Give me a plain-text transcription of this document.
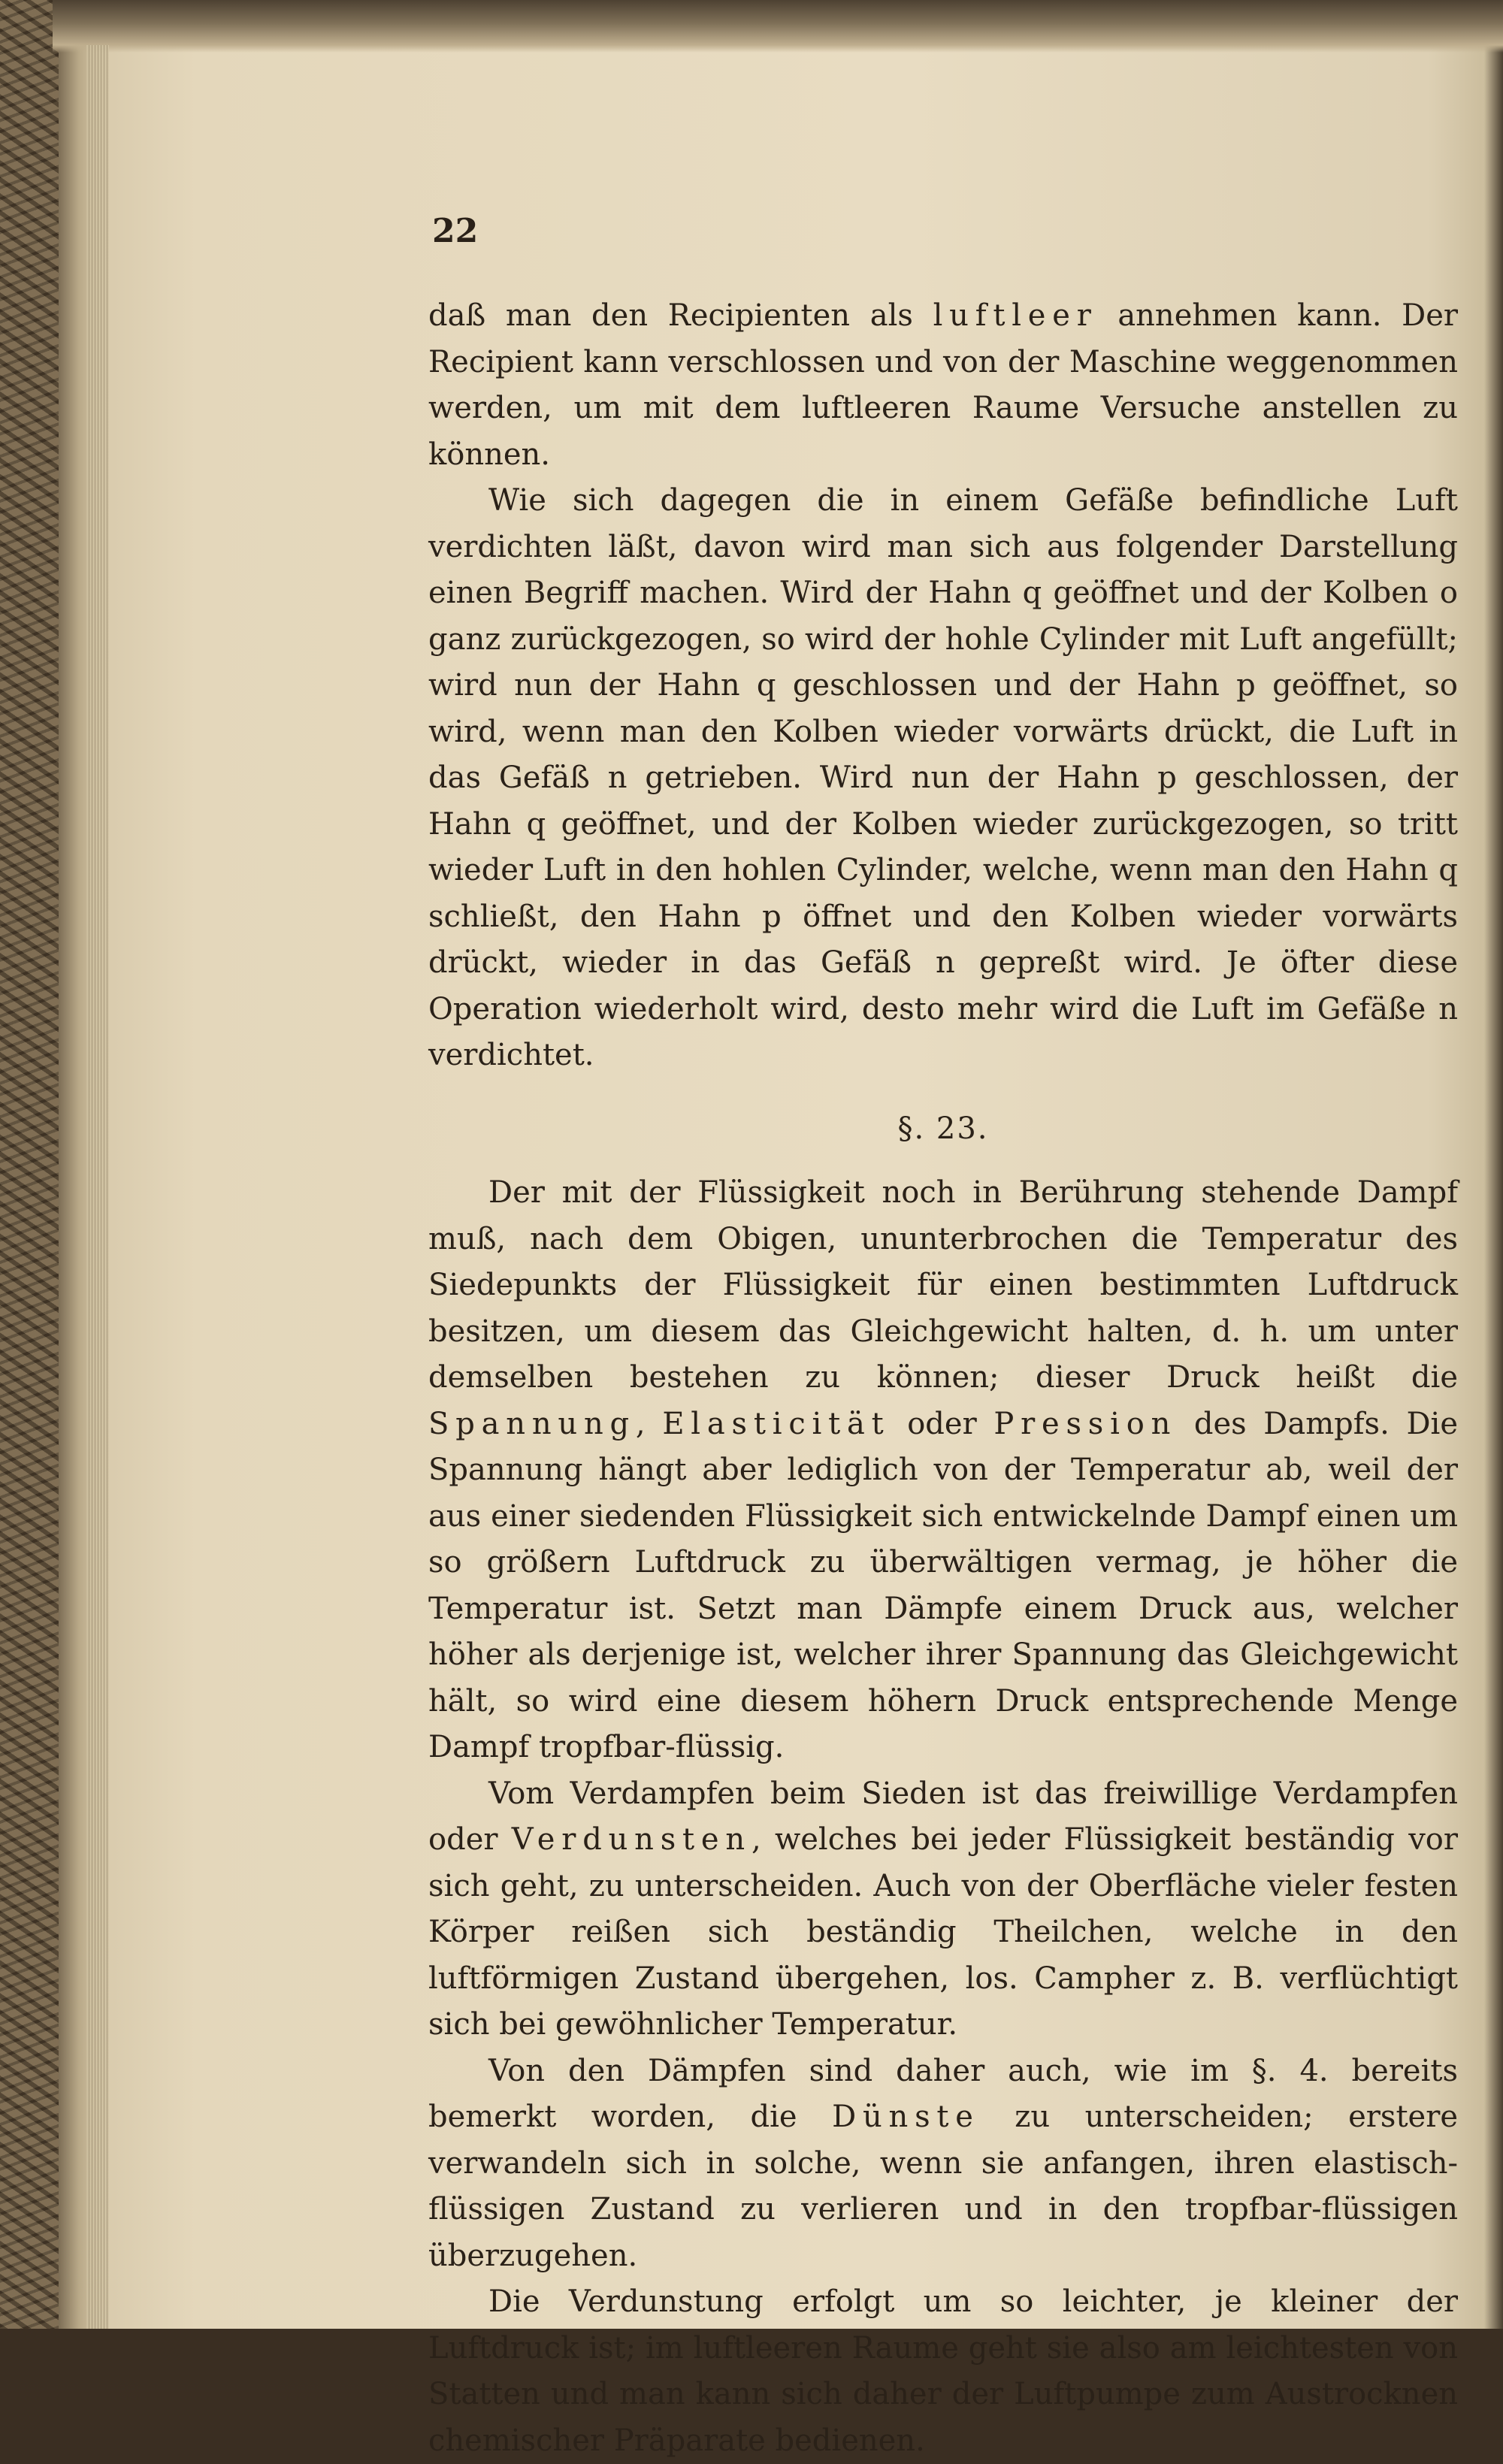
22

daß man den Recipienten als luftleer annehmen kann. Der Recipient kann verschlossen und von der Maschine weggenommen werden, um mit dem luftleeren Raume Versuche anstellen zu können.

Wie sich dagegen die in einem Gefäße befindliche Luft verdichten läßt, davon wird man sich aus folgender Darstellung einen Begriff machen. Wird der Hahn q geöffnet und der Kolben o ganz zurückgezogen, so wird der hohle Cylinder mit Luft angefüllt; wird nun der Hahn q geschlossen und der Hahn p geöffnet, so wird, wenn man den Kolben wieder vorwärts drückt, die Luft in das Gefäß n getrieben. Wird nun der Hahn p geschlossen, der Hahn q geöffnet, und der Kolben wieder zurückgezogen, so tritt wieder Luft in den hohlen Cylinder, welche, wenn man den Hahn q schließt, den Hahn p öffnet und den Kolben wieder vorwärts drückt, wieder in das Gefäß n gepreßt wird. Je öfter diese Operation wiederholt wird, desto mehr wird die Luft im Gefäße n verdichtet.

§. 23.

Der mit der Flüssigkeit noch in Berührung stehende Dampf muß, nach dem Obigen, ununterbrochen die Temperatur des Siedepunkts der Flüssigkeit für einen bestimmten Luftdruck besitzen, um diesem das Gleichgewicht halten, d. h. um unter demselben bestehen zu können; dieser Druck heißt die Spannung, Elasticität oder Pression des Dampfs. Die Spannung hängt aber lediglich von der Temperatur ab, weil der aus einer siedenden Flüssigkeit sich entwickelnde Dampf einen um so größern Luftdruck zu überwältigen vermag, je höher die Temperatur ist. Setzt man Dämpfe einem Druck aus, welcher höher als derjenige ist, welcher ihrer Spannung das Gleichgewicht hält, so wird eine diesem höhern Druck entsprechende Menge Dampf tropfbar-flüssig.

Vom Verdampfen beim Sieden ist das freiwillige Verdampfen oder Verdunsten, welches bei jeder Flüssigkeit beständig vor sich geht, zu unterscheiden. Auch von der Oberfläche vieler festen Körper reißen sich beständig Theilchen, welche in den luftförmigen Zustand übergehen, los. Campher z. B. verflüchtigt sich bei gewöhnlicher Temperatur.

Von den Dämpfen sind daher auch, wie im §. 4. bereits bemerkt worden, die Dünste zu unterscheiden; erstere verwandeln sich in solche, wenn sie anfangen, ihren elastisch-flüssigen Zustand zu verlieren und in den tropfbar-flüssigen überzugehen.

Die Verdunstung erfolgt um so leichter, je kleiner der Luftdruck ist; im luftleeren Raume geht sie also am leichtesten von Statten und man kann sich daher der Luftpumpe zum Austrocknen chemischer Präparate bedienen.
